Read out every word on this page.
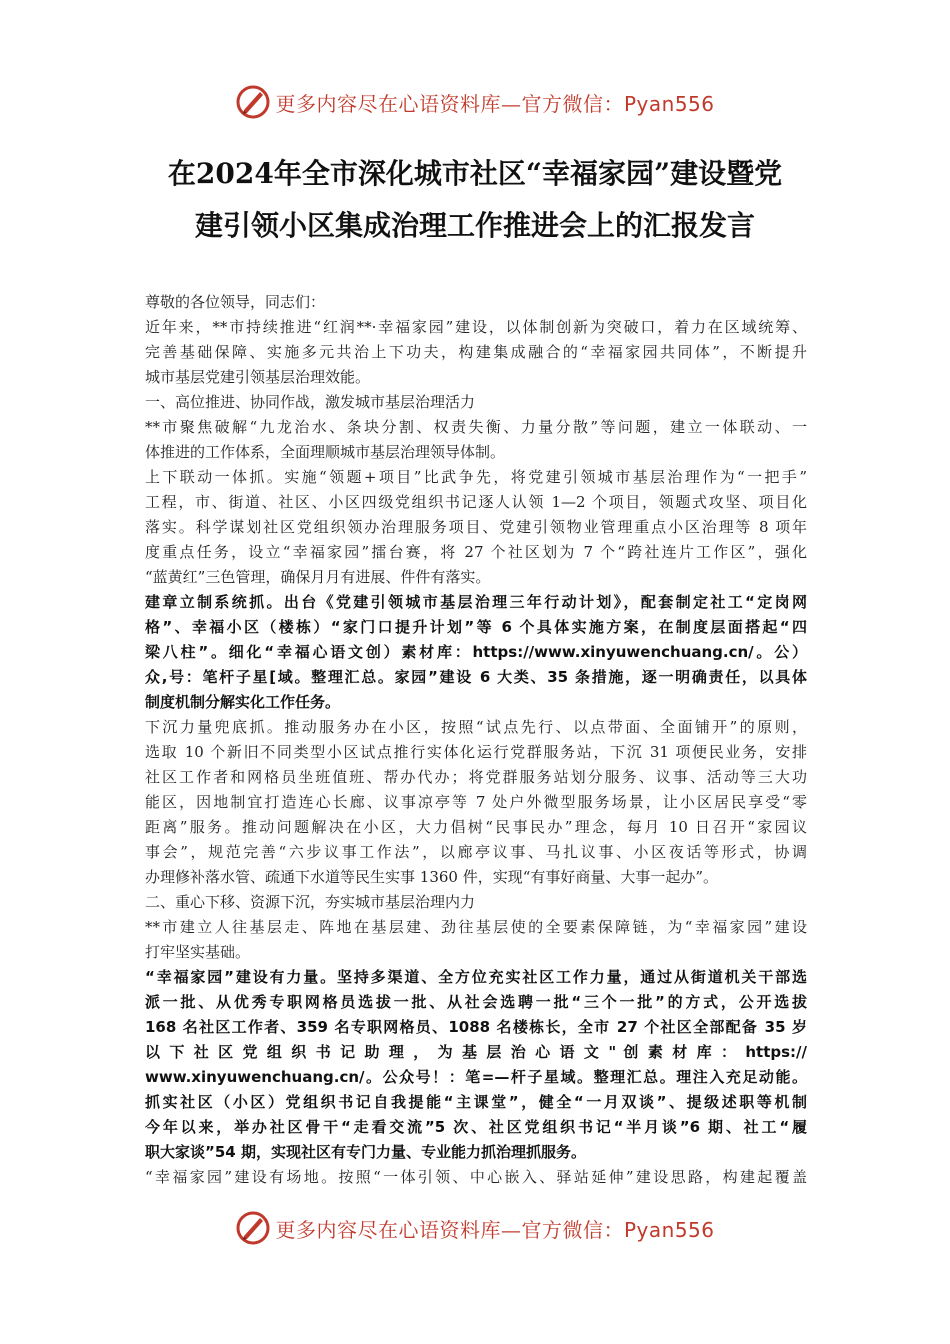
更多内容尽在心语资料库—官方微信：Pyan556
在2024年全市深化城市社区“幸福家园”建设暨党
建引领小区集成治理工作推进会上的汇报发言
尊敬的各位领导，同志们：
近年来，**市持续推进“红润**·幸福家园”建设，以体制创新为突破口，着力在区域统筹、
完善基础保障、实施多元共治上下功夫，构建集成融合的“幸福家园共同体”，不断提升
城市基层党建引领基层治理效能。
一、高位推进、协同作战，激发城市基层治理活力
**市聚焦破解“九龙治水、条块分割、权责失衡、力量分散”等问题，建立一体联动、一
体推进的工作体系，全面理顺城市基层治理领导体制。
上下联动一体抓。实施“领题+项目”比武争先，将党建引领城市基层治理作为“一把手”
工程，市、街道、社区、小区四级党组织书记逐人认领 1—2 个项目，领题式攻坚、项目化
落实。科学谋划社区党组织领办治理服务项目、党建引领物业管理重点小区治理等 8 项年
度重点任务，设立“幸福家园”擂台赛，将 27 个社区划为 7 个“跨社连片工作区”，强化
“蓝黄红”三色管理，确保月月有进展、件件有落实。
建章立制系统抓。出台《党建引领城市基层治理三年行动计划》，配套制定社工“定岗网
格”、幸福小区（楼栋）“家门口提升计划”等 6 个具体实施方案，在制度层面搭起“四
梁八柱”。细化“幸福心语文创）素材库：https://www.xinyuwenchuang.cn/。公）
众,号：笔杆子星[域。整理汇总。家园”建设 6 大类、35 条措施，逐一明确责任，以具体
制度机制分解实化工作任务。
下沉力量兜底抓。推动服务办在小区，按照“试点先行、以点带面、全面铺开”的原则，
选取 10 个新旧不同类型小区试点推行实体化运行党群服务站，下沉 31 项便民业务，安排
社区工作者和网格员坐班值班、帮办代办；将党群服务站划分服务、议事、活动等三大功
能区，因地制宜打造连心长廊、议事凉亭等 7 处户外微型服务场景，让小区居民享受“零
距离”服务。推动问题解决在小区，大力倡树“民事民办”理念，每月 10 日召开“家园议
事会”，规范完善“六步议事工作法”，以廊亭议事、马扎议事、小区夜话等形式，协调
办理修补落水管、疏通下水道等民生实事 1360 件，实现“有事好商量、大事一起办”。
二、重心下移、资源下沉，夯实城市基层治理内力
**市建立人往基层走、阵地在基层建、劲往基层使的全要素保障链，为“幸福家园”建设
打牢坚实基础。
“幸福家园”建设有力量。坚持多渠道、全方位充实社区工作力量，通过从街道机关干部选
派一批、从优秀专职网格员选拔一批、从社会选聘一批“三个一批”的方式，公开选拔
168 名社区工作者、359 名专职网格员、1088 名楼栋长，全市 27 个社区全部配备 35 岁
以 下 社 区 党 组 织 书 记 助 理 ， 为 基 层 治 心 语 文 " 创 素 材 库 ： https://
www.xinyuwenchuang.cn/。公众号！：笔=—杆子星域。整理汇总。理注入充足动能。
抓实社区（小区）党组织书记自我提能“主课堂”，健全“一月双谈”、提级述职等机制
今年以来，举办社区骨干“走看交流”5 次、社区党组织书记“半月谈”6 期、社工“履
职大家谈”54 期，实现社区有专门力量、专业能力抓治理抓服务。
“幸福家园”建设有场地。按照“一体引领、中心嵌入、驿站延伸”建设思路，构建起覆盖
更多内容尽在心语资料库—官方微信：Pyan556
